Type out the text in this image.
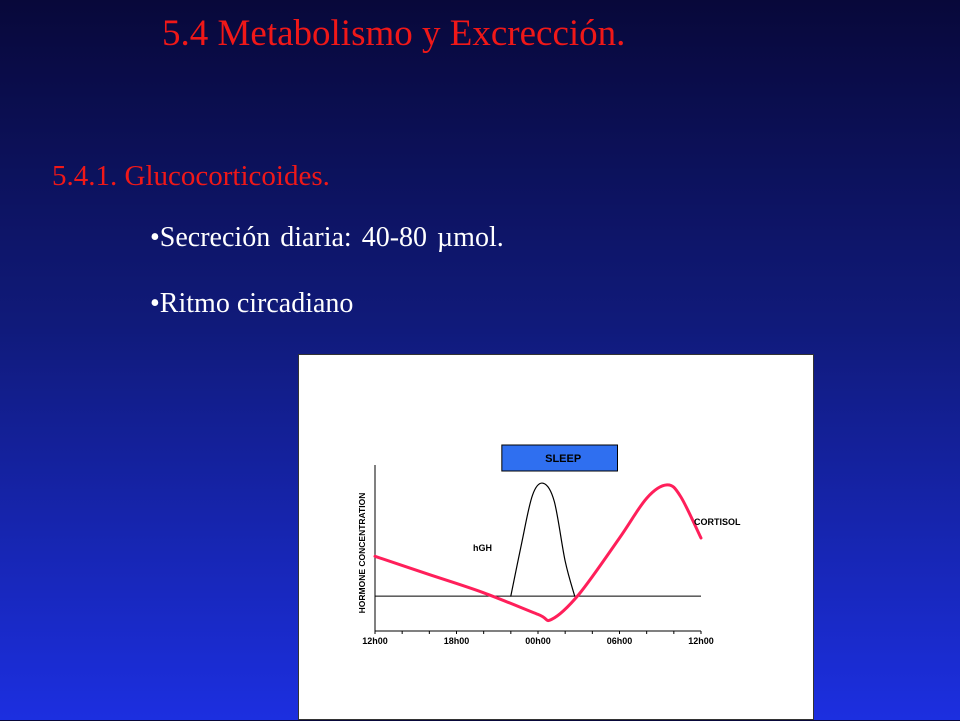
5.4 Metabolismo y Excrección.
5.4.1. Glucocorticoides.
•Secreción diaria: 40-80 µmol.
•Ritmo circadiano
SLEEP
HORMONE CONCENTRATION
12h00	18h00	00h00	06h00	12h00
hGH
CORTISOL
